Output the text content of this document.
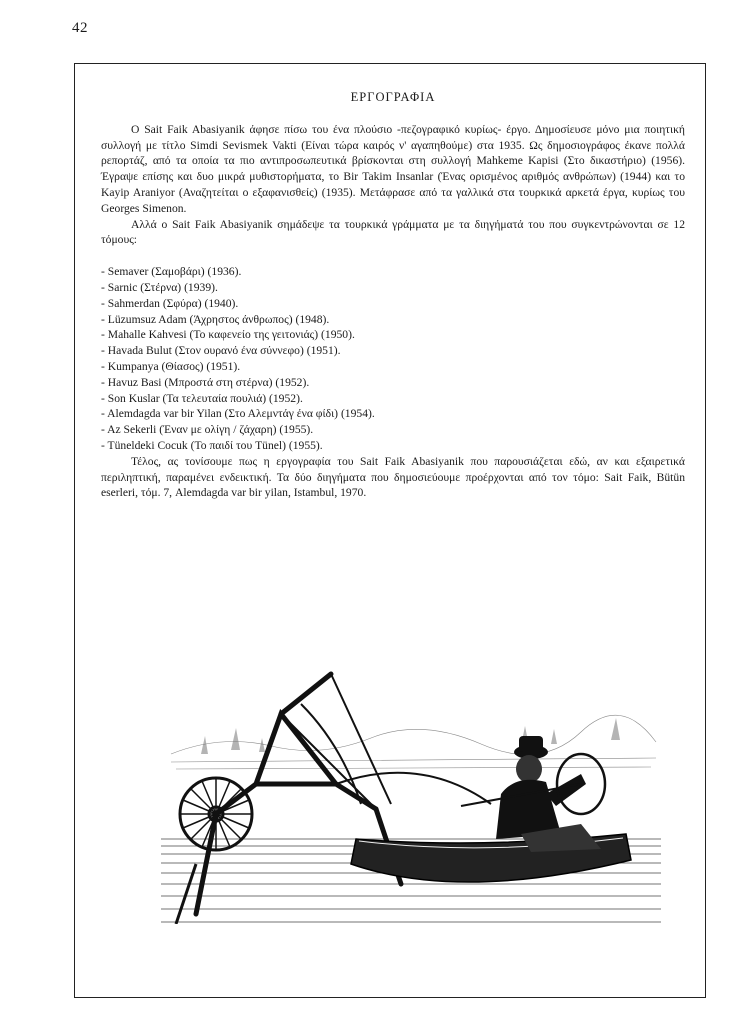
42
ΕΡΓΟΓΡΑΦΙΑ

Ο Sait Faik Abasiyanik άφησε πίσω του ένα πλούσιο -πεζογραφικό κυρίως- έργο. Δημοσίευσε μόνο μια ποιητική συλλογή με τίτλο Simdi Sevismek Vakti (Είναι τώρα καιρός ν' αγαπηθούμε) στα 1935. Ως δημοσιογράφος έκανε πολλά ρεπορτάζ, από τα οποία τα πιο αντιπροσωπευτικά βρίσκονται στη συλλογή Mahkeme Kapisi (Στο δικαστήριο) (1956). Έγραψε επίσης και δυο μικρά μυθιστορήματα, το Bir Takim Insanlar (Ένας ορισμένος αριθμός ανθρώπων) (1944) και το Kayip Araniyor (Αναζητείται ο εξαφανισθείς) (1935). Μετάφρασε από τα γαλλικά στα τουρκικά αρκετά έργα, κυρίως του Georges Simenon.

Αλλά ο Sait Faik Abasiyanik σημάδεψε τα τουρκικά γράμματα με τα διηγήματά του που συγκεντρώνονται σε 12 τόμους:

- Semaver (Σαμοβάρι) (1936).
- Sarnic (Στέρνα) (1939).
- Sahmerdan (Σφύρα) (1940).
- Lüzumsuz Adam (Άχρηστος άνθρωπος) (1948).
- Mahalle Kahvesi (Το καφενείο της γειτονιάς) (1950).
- Havada Bulut (Στον ουρανό ένα σύννεφο) (1951).
- Kumpanya (Θίασος) (1951).
- Havuz Basi (Μπροστά στη στέρνα) (1952).
- Son Kuslar (Τα τελευταία πουλιά) (1952).
- Alemdagda var bir Yilan (Στο Αλεμντάγ ένα φίδι) (1954).
- Az Sekerli (Έναν με ολίγη / ζάχαρη) (1955).
- Tüneldeki Cocuk (Το παιδί του Tünel) (1955).

Τέλος, ας τονίσουμε πως η εργογραφία του Sait Faik Abasiyanik που παρουσιάζεται εδώ, αν και εξαιρετικά περιληπτική, παραμένει ενδεικτική. Τα δύο διηγήματα που δημοσιεύουμε προέρχονται από τον τόμο: Sait Faik, Bütün eserleri, τόμ. 7, Alemdagda var bir yilan, Istambul, 1970.
